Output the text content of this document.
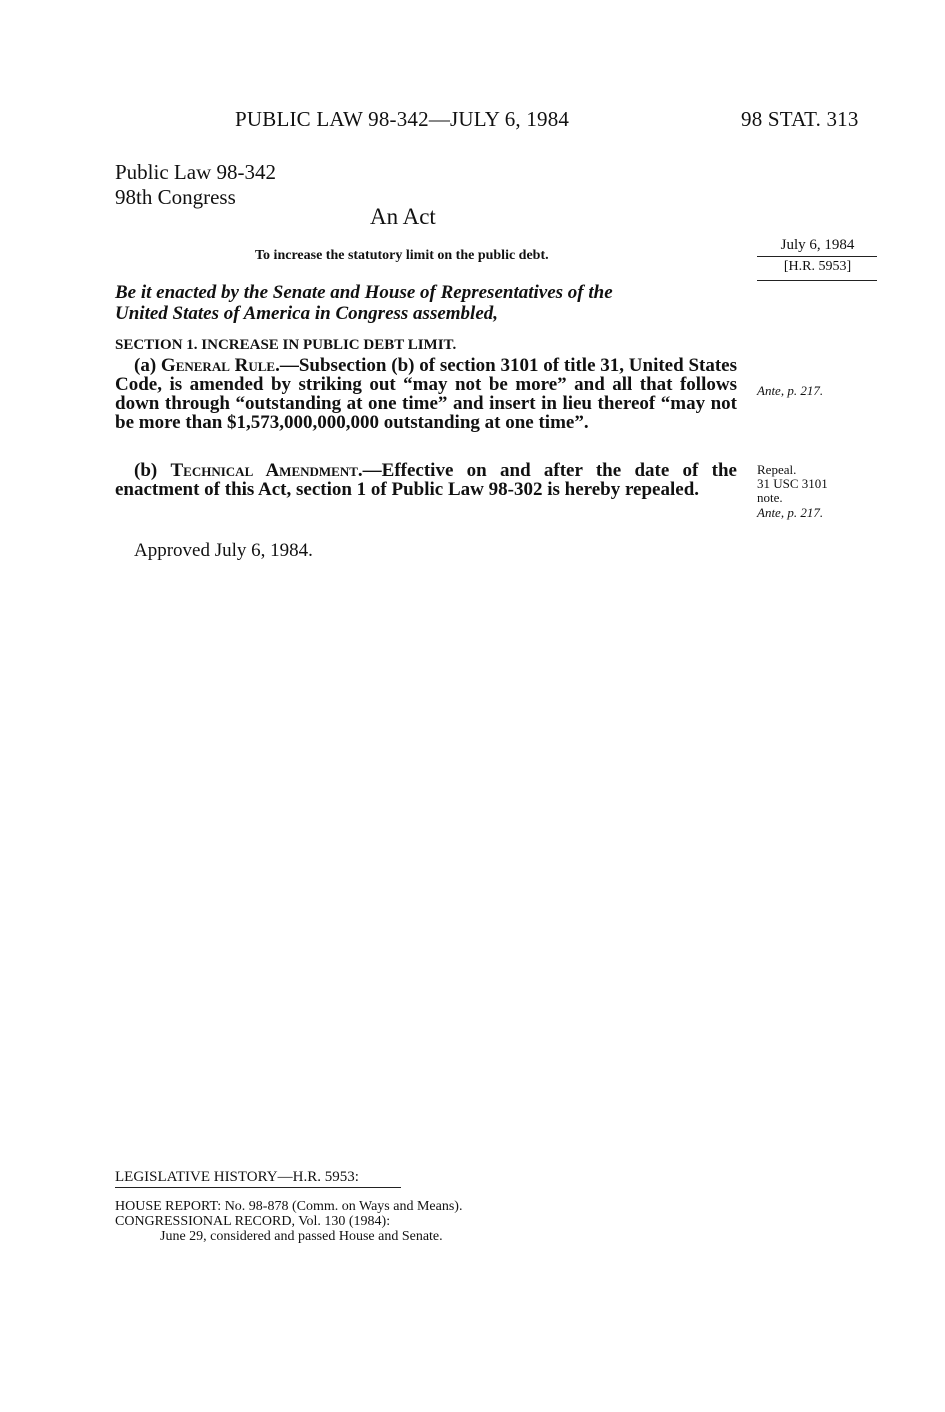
PUBLIC LAW 98-342—JULY 6, 1984	98 STAT. 313
Public Law 98-342
98th Congress
An Act
To increase the statutory limit on the public debt.
July 6, 1984
[H.R. 5953]
Ante, p. 217.
Repeal.
31 USC 3101
note.
Ante, p. 217.
Be it enacted by the Senate and House of Representatives of the
United States of America in Congress assembled,
SECTION 1. INCREASE IN PUBLIC DEBT LIMIT.
(a) General Rule.—Subsection (b) of section 3101 of title 31, United States Code, is amended by striking out “may not be more” and all that follows down through “outstanding at one time” and insert in lieu thereof “may not be more than $1,573,000,000,000 outstanding at one time”.
(b) Technical Amendment.—Effective on and after the date of the enactment of this Act, section 1 of Public Law 98-302 is hereby repealed.
Approved July 6, 1984.
LEGISLATIVE HISTORY—H.R. 5953:
HOUSE REPORT: No. 98-878 (Comm. on Ways and Means).
CONGRESSIONAL RECORD, Vol. 130 (1984):
June 29, considered and passed House and Senate.
